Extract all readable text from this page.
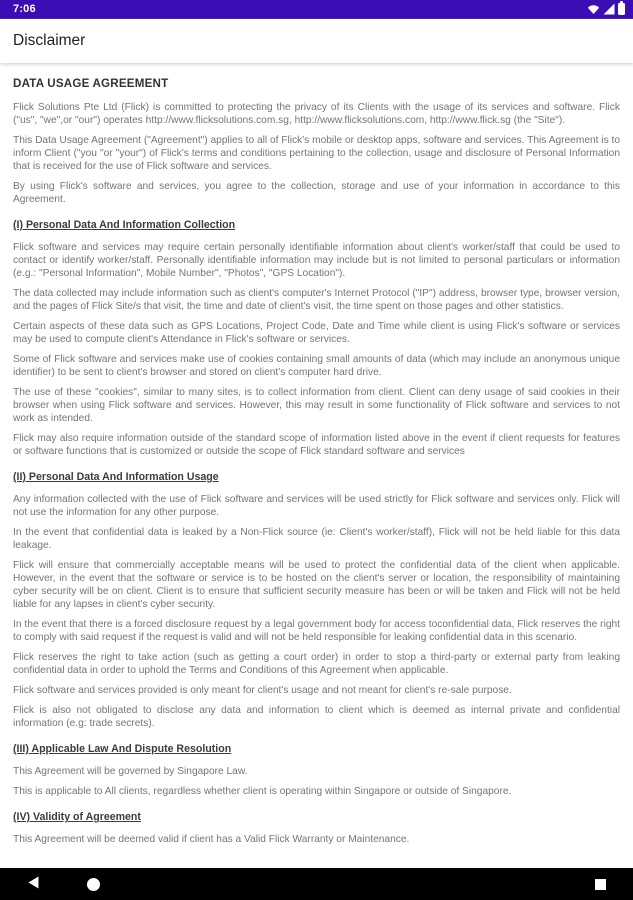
7:06
Disclaimer
DATA USAGE AGREEMENT

Flick Solutions Pte Ltd (Flick) is committed to protecting the privacy of its Clients with the usage of its services and software. Flick ("us", "we",or "our") operates http://www.flicksolutions.com.sg, http://www.flicksolutions.com, http://www.flick.sg (the "Site").

This Data Usage Agreement ("Agreement") applies to all of Flick's mobile or desktop apps, software and services. This Agreement is to inform Client ("you "or "your") of Flick's terms and conditions pertaining to the collection, usage and disclosure of Personal Information that is received for the use of Flick software and services.

By using Flick's software and services, you agree to the collection, storage and use of your information in accordance to this Agreement.

(I) Personal Data And Information Collection

Flick software and services may require certain personally identifiable information about client's worker/staff that could be used to contact or identify worker/staff. Personally identifiable information may include but is not limited to personal particulars or information (e.g.: "Personal Information", Mobile Number", "Photos", "GPS Location").

The data collected may include information such as client's computer's Internet Protocol ("IP") address, browser type, browser version, and the pages of Flick Site/s that visit, the time and date of client's visit, the time spent on those pages and other statistics.

Certain aspects of these data such as GPS Locations, Project Code, Date and Time while client is using Flick's software or services may be used to compute client's Attendance in Flick's software or services.

Some of Flick software and services make use of cookies containing small amounts of data (which may include an anonymous unique identifier) to be sent to client's browser and stored on client's computer hard drive.

The use of these "cookies", similar to many sites, is to collect information from client. Client can deny usage of said cookies in their browser when using Flick software and services. However, this may result in some functionality of Flick software and services to not work as intended.

Flick may also require information outside of the standard scope of information listed above in the event if client requests for features or software functions that is customized or outside the scope of Flick standard software and services

(II) Personal Data And Information Usage

Any information collected with the use of Flick software and services will be used strictly for Flick software and services only. Flick will not use the information for any other purpose.

In the event that confidential data is leaked by a Non-Flick source (ie: Client's worker/staff), Flick will not be held liable for this data leakage.

Flick will ensure that commercially acceptable means will be used to protect the confidential data of the client when applicable. However, in the event that the software or service is to be hosted on the client's server or location, the responsibility of maintaining cyber security will be on client. Client is to ensure that sufficient security measure has been or will be taken and Flick will not be held liable for any lapses in client's cyber security.

In the event that there is a forced disclosure request by a legal government body for access toconfidential data, Flick reserves the right to comply with said request if the request is valid and will not be held responsible for leaking confidential data in this scenario.

Flick reserves the right to take action (such as getting a court order) in order to stop a third-party or external party from leaking confidential data in order to uphold the Terms and Conditions of this Agreement when applicable.

Flick software and services provided is only meant for client's usage and not meant for client's re-sale purpose.

Flick is also not obligated to disclose any data and information to client which is deemed as internal private and confidential information (e.g: trade secrets).

(III) Applicable Law And Dispute Resolution

This Agreement will be governed by Singapore Law.

This is applicable to All clients, regardless whether client is operating within Singapore or outside of Singapore.

(IV) Validity of Agreement

This Agreement will be deemed valid if client has a Valid Flick Warranty or Maintenance.
